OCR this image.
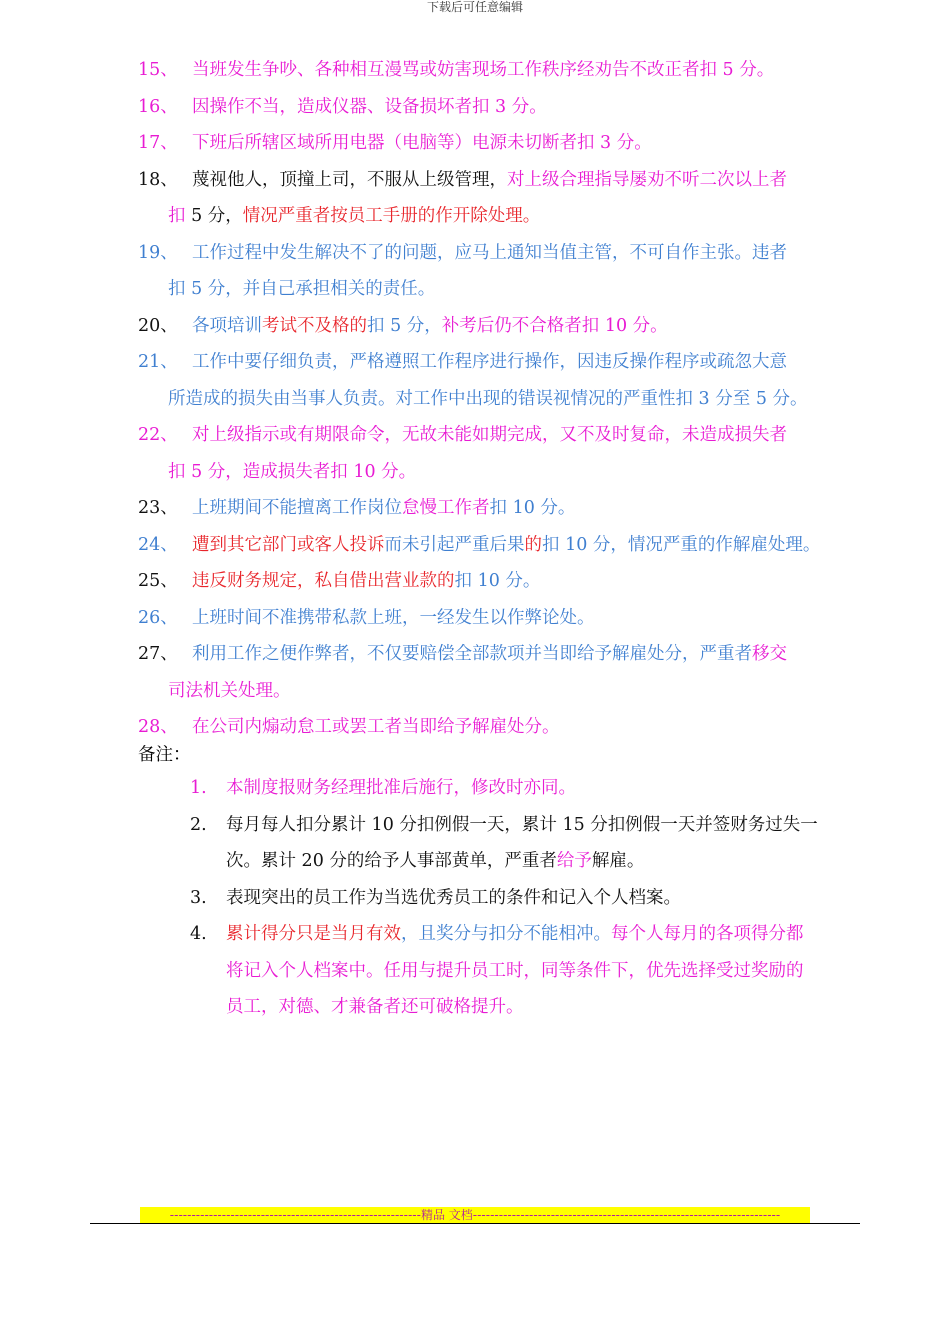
下载后可任意编辑
15、 当班发生争吵、各种相互漫骂或妨害现场工作秩序经劝告不改正者扣 5 分。
16、 因操作不当，造成仪器、设备损坏者扣 3 分。
17、 下班后所辖区域所用电器（电脑等）电源未切断者扣 3 分。
18、 蔑视他人，顶撞上司，不服从上级管理，对上级合理指导屡劝不听二次以上者
扣 5 分，情况严重者按员工手册的作开除处理。
19、 工作过程中发生解决不了的问题，应马上通知当值主管，不可自作主张。违者
扣 5 分，并自己承担相关的责任。
20、 各项培训考试不及格的扣 5 分，补考后仍不合格者扣 10 分。
21、 工作中要仔细负责，严格遵照工作程序进行操作，因违反操作程序或疏忽大意
所造成的损失由当事人负责。对工作中出现的错误视情况的严重性扣 3 分至 5 分。
22、 对上级指示或有期限命令，无故未能如期完成，又不及时复命，未造成损失者
扣 5 分，造成损失者扣 10 分。
23、 上班期间不能擅离工作岗位怠慢工作者扣 10 分。
24、 遭到其它部门或客人投诉而未引起严重后果的扣 10 分，情况严重的作解雇处理。
25、 违反财务规定，私自借出营业款的扣 10 分。
26、 上班时间不准携带私款上班，一经发生以作弊论处。
27、 利用工作之便作弊者，不仅要赔偿全部款项并当即给予解雇处分，严重者移交
司法机关处理。
28、 在公司内煽动怠工或罢工者当即给予解雇处分。
备注：
1.	本制度报财务经理批准后施行，修改时亦同。
2.	每月每人扣分累计 10 分扣例假一天，累计 15 分扣例假一天并签财务过失一
次。累计 20 分的给予人事部黄单，严重者给予解雇。
3.	表现突出的员工作为当选优秀员工的条件和记入个人档案。
4.	累计得分只是当月有效，且奖分与扣分不能相冲。每个人每月的各项得分都
将记入个人档案中。任用与提升员工时，同等条件下，优先选择受过奖励的
员工，对德、才兼备者还可破格提升。
----------------------------------------------------------精品 文档-----------------------------------------------------------------------
